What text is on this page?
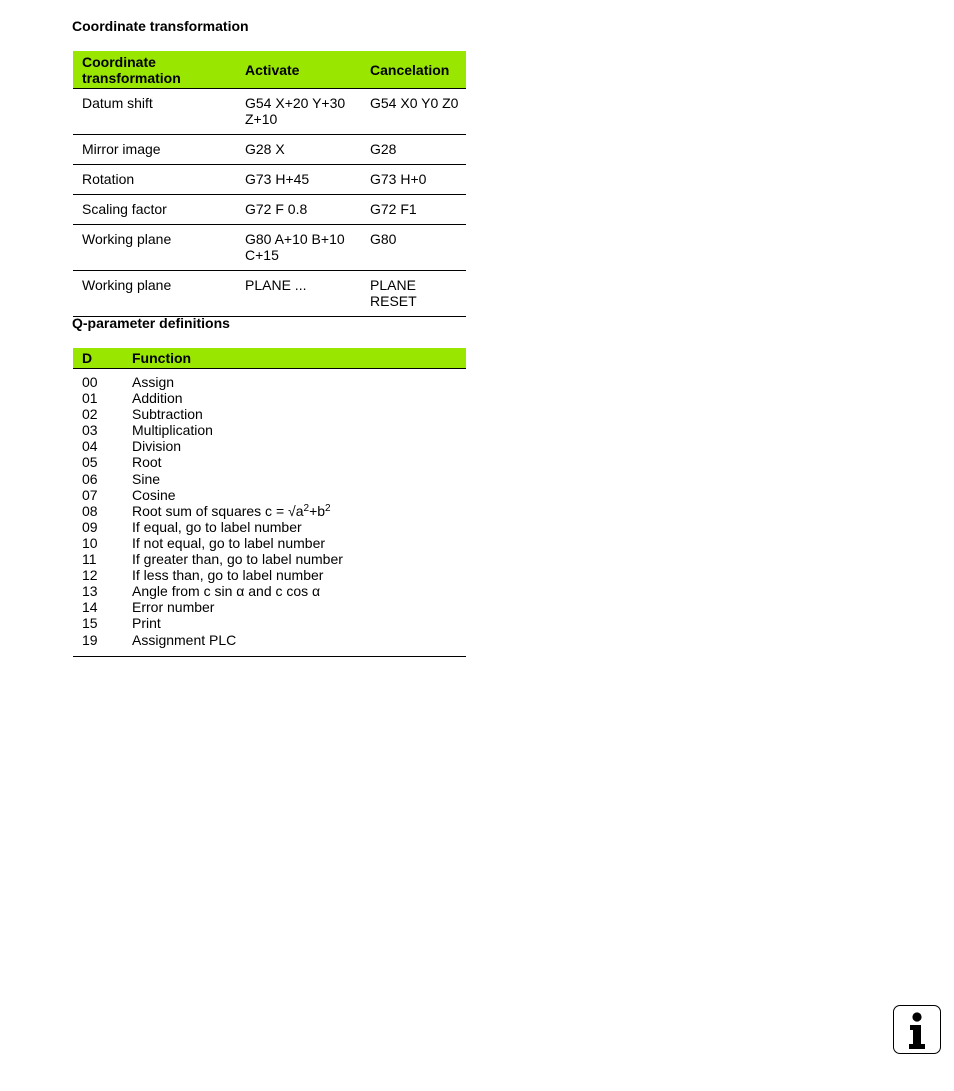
Coordinate transformation
Coordinate transformation	Activate	Cancelation
Datum shift	G54 X+20 Y+30 Z+10	G54 X0 Y0 Z0
Mirror image	G28 X	G28
Rotation	G73 H+45	G73 H+0
Scaling factor	G72 F 0.8	G72 F1
Working plane	G80 A+10 B+10 C+15	G80
Working plane	PLANE ...	PLANE RESET
Q-parameter definitions
D	Function
00	Assign
01	Addition
02	Subtraction
03	Multiplication
04	Division
05	Root
06	Sine
07	Cosine
08	Root sum of squares $c = √a^2+b^2$
09	If equal, go to label number
10	If not equal, go to label number
11	If greater than, go to label number
12	If less than, go to label number
13	Angle from c sin α and c cos α
14	Error number
15	Print
19	Assignment PLC
